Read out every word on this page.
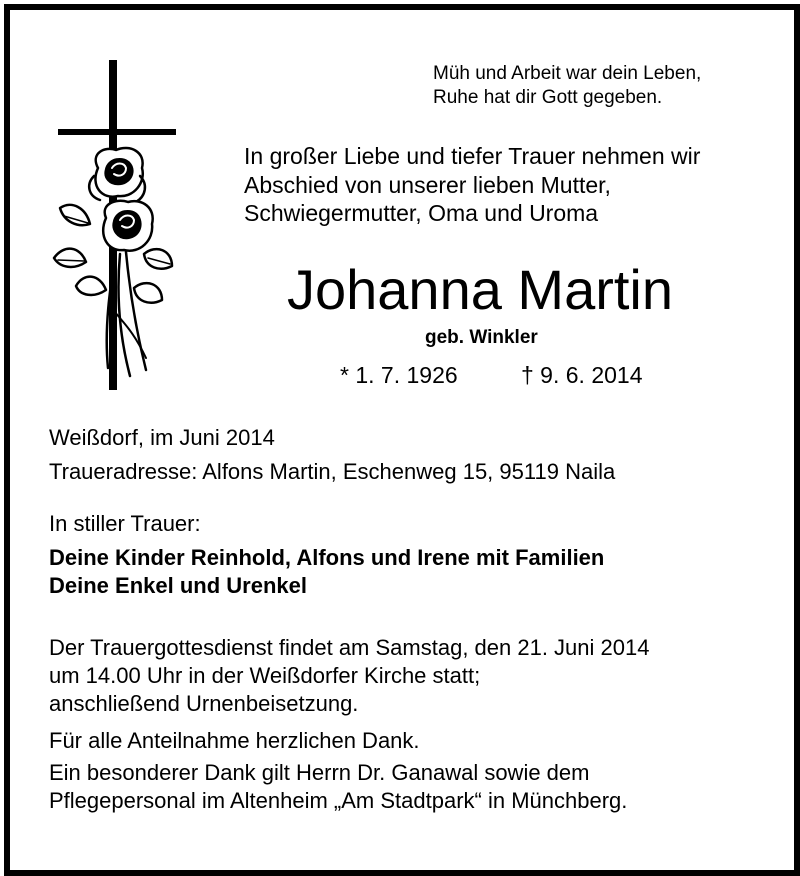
Müh und Arbeit war dein Leben,
Ruhe hat dir Gott gegeben.
In großer Liebe und tiefer Trauer nehmen wir
Abschied von unserer lieben Mutter,
Schwiegermutter, Oma und Uroma
Johanna Martin
geb. Winkler
* 1. 7. 1926	† 9. 6. 2014
Weißdorf, im Juni 2014
Traueradresse: Alfons Martin, Eschenweg 15, 95119 Naila
In stiller Trauer:
Deine Kinder Reinhold, Alfons und Irene mit Familien
Deine Enkel und Urenkel
Der Trauergottesdienst findet am Samstag, den 21. Juni 2014
um 14.00 Uhr in der Weißdorfer Kirche statt;
anschließend Urnenbeisetzung.
Für alle Anteilnahme herzlichen Dank.
Ein besonderer Dank gilt Herrn Dr. Ganawal sowie dem
Pflegepersonal im Altenheim „Am Stadtpark“ in Münchberg.
